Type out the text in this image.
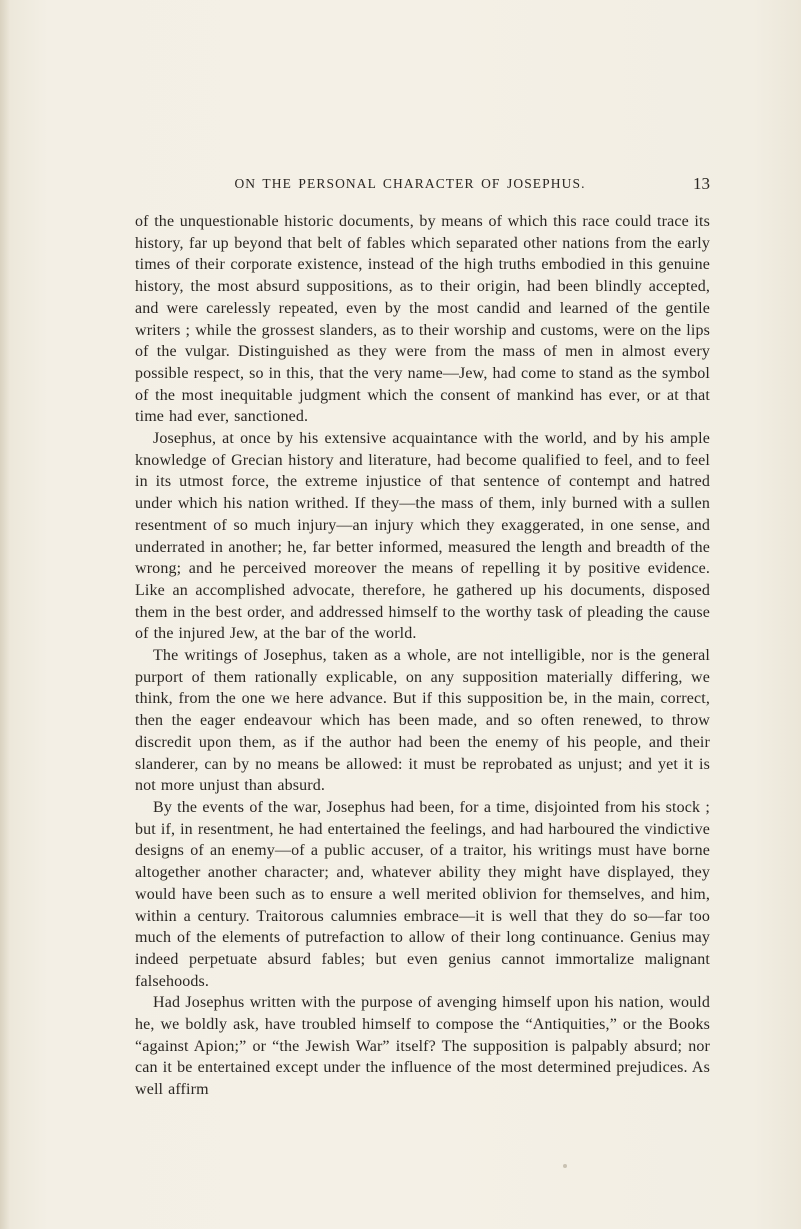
ON THE PERSONAL CHARACTER OF JOSEPHUS.	13

of the unquestionable historic documents, by means of which this race could trace its history, far up beyond that belt of fables which separated other nations from the early times of their corporate existence, instead of the high truths embodied in this genuine history, the most absurd suppositions, as to their origin, had been blindly accepted, and were carelessly repeated, even by the most candid and learned of the gentile writers ; while the grossest slanders, as to their worship and customs, were on the lips of the vulgar. Distinguished as they were from the mass of men in almost every possible respect, so in this, that the very name—Jew, had come to stand as the symbol of the most inequitable judgment which the consent of mankind has ever, or at that time had ever, sanctioned.

Josephus, at once by his extensive acquaintance with the world, and by his ample knowledge of Grecian history and literature, had become qualified to feel, and to feel in its utmost force, the extreme injustice of that sentence of contempt and hatred under which his nation writhed. If they—the mass of them, inly burned with a sullen resentment of so much injury—an injury which they exaggerated, in one sense, and underrated in another; he, far better informed, measured the length and breadth of the wrong; and he perceived moreover the means of repelling it by positive evidence. Like an accomplished advocate, therefore, he gathered up his documents, disposed them in the best order, and addressed himself to the worthy task of pleading the cause of the injured Jew, at the bar of the world.

The writings of Josephus, taken as a whole, are not intelligible, nor is the general purport of them rationally explicable, on any supposition materially differing, we think, from the one we here advance. But if this supposition be, in the main, correct, then the eager endeavour which has been made, and so often renewed, to throw discredit upon them, as if the author had been the enemy of his people, and their slanderer, can by no means be allowed: it must be reprobated as unjust; and yet it is not more unjust than absurd.

By the events of the war, Josephus had been, for a time, disjointed from his stock ; but if, in resentment, he had entertained the feelings, and had harboured the vindictive designs of an enemy—of a public accuser, of a traitor, his writings must have borne altogether another character; and, whatever ability they might have displayed, they would have been such as to ensure a well merited oblivion for themselves, and him, within a century. Traitorous calumnies embrace—it is well that they do so—far too much of the elements of putrefaction to allow of their long continuance. Genius may indeed perpetuate absurd fables; but even genius cannot immortalize malignant falsehoods.

Had Josephus written with the purpose of avenging himself upon his nation, would he, we boldly ask, have troubled himself to compose the “Antiquities,” or the Books “against Apion;” or “the Jewish War” itself? The supposition is palpably absurd; nor can it be entertained except under the influence of the most determined prejudices. As well affirm
